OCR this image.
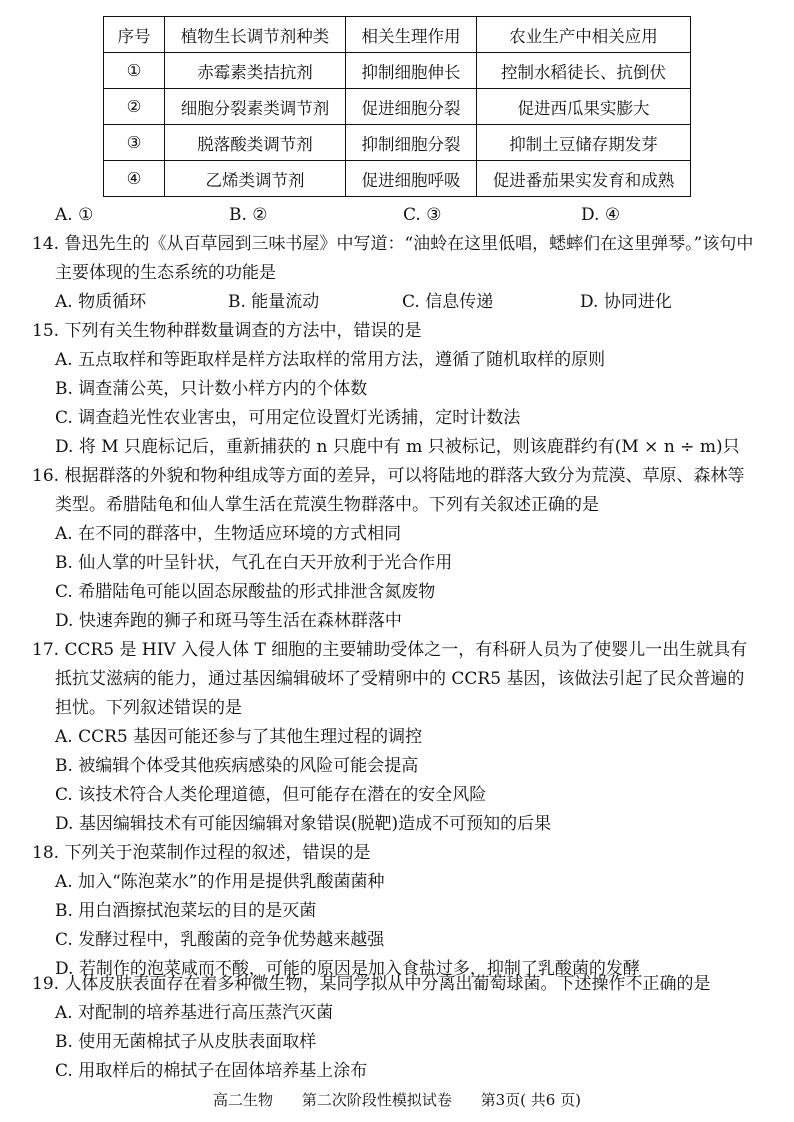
序号	植物生长调节剂种类	相关生理作用	农业生产中相关应用
①	赤霉素类拮抗剂	抑制细胞伸长	控制水稻徒长、抗倒伏
②	细胞分裂素类调节剂	促进细胞分裂	促进西瓜果实膨大
③	脱落酸类调节剂	抑制细胞分裂	抑制土豆储存期发芽
④	乙烯类调节剂	促进细胞呼吸	促进番茄果实发育和成熟
A. ①	B. ②	C. ③	D. ④
14. 鲁迅先生的《从百草园到三味书屋》中写道：“油蛉在这里低唱，蟋蟀们在这里弹琴。”该句中
主要体现的生态系统的功能是
A. 物质循环	B. 能量流动	C. 信息传递	D. 协同进化
15. 下列有关生物种群数量调查的方法中，错误的是
A. 五点取样和等距取样是样方法取样的常用方法，遵循了随机取样的原则
B. 调查蒲公英，只计数小样方内的个体数
C. 调查趋光性农业害虫，可用定位设置灯光诱捕，定时计数法
D. 将 M 只鹿标记后，重新捕获的 n 只鹿中有 m 只被标记，则该鹿群约有(M × n ÷ m)只
16. 根据群落的外貌和物种组成等方面的差异，可以将陆地的群落大致分为荒漠、草原、森林等
类型。希腊陆龟和仙人掌生活在荒漠生物群落中。下列有关叙述正确的是
A. 在不同的群落中，生物适应环境的方式相同
B. 仙人掌的叶呈针状，气孔在白天开放利于光合作用
C. 希腊陆龟可能以固态尿酸盐的形式排泄含氮废物
D. 快速奔跑的狮子和斑马等生活在森林群落中
17. CCR5 是 HIV 入侵人体 T 细胞的主要辅助受体之一，有科研人员为了使婴儿一出生就具有
抵抗艾滋病的能力，通过基因编辑破坏了受精卵中的 CCR5 基因，该做法引起了民众普遍的
担忧。下列叙述错误的是
A. CCR5 基因可能还参与了其他生理过程的调控
B. 被编辑个体受其他疾病感染的风险可能会提高
C. 该技术符合人类伦理道德，但可能存在潜在的安全风险
D. 基因编辑技术有可能因编辑对象错误(脱靶)造成不可预知的后果
18. 下列关于泡菜制作过程的叙述，错误的是
A. 加入“陈泡菜水”的作用是提供乳酸菌菌种
B. 用白酒擦拭泡菜坛的目的是灭菌
C. 发酵过程中，乳酸菌的竞争优势越来越强
D. 若制作的泡菜咸而不酸，可能的原因是加入食盐过多，抑制了乳酸菌的发酵
19. 人体皮肤表面存在着多种微生物，某同学拟从中分离出葡萄球菌。下述操作不正确的是
A. 对配制的培养基进行高压蒸汽灭菌
B. 使用无菌棉拭子从皮肤表面取样
C. 用取样后的棉拭子在固体培养基上涂布
高二生物 第二次阶段性模拟试卷 第3页( 共6 页)
